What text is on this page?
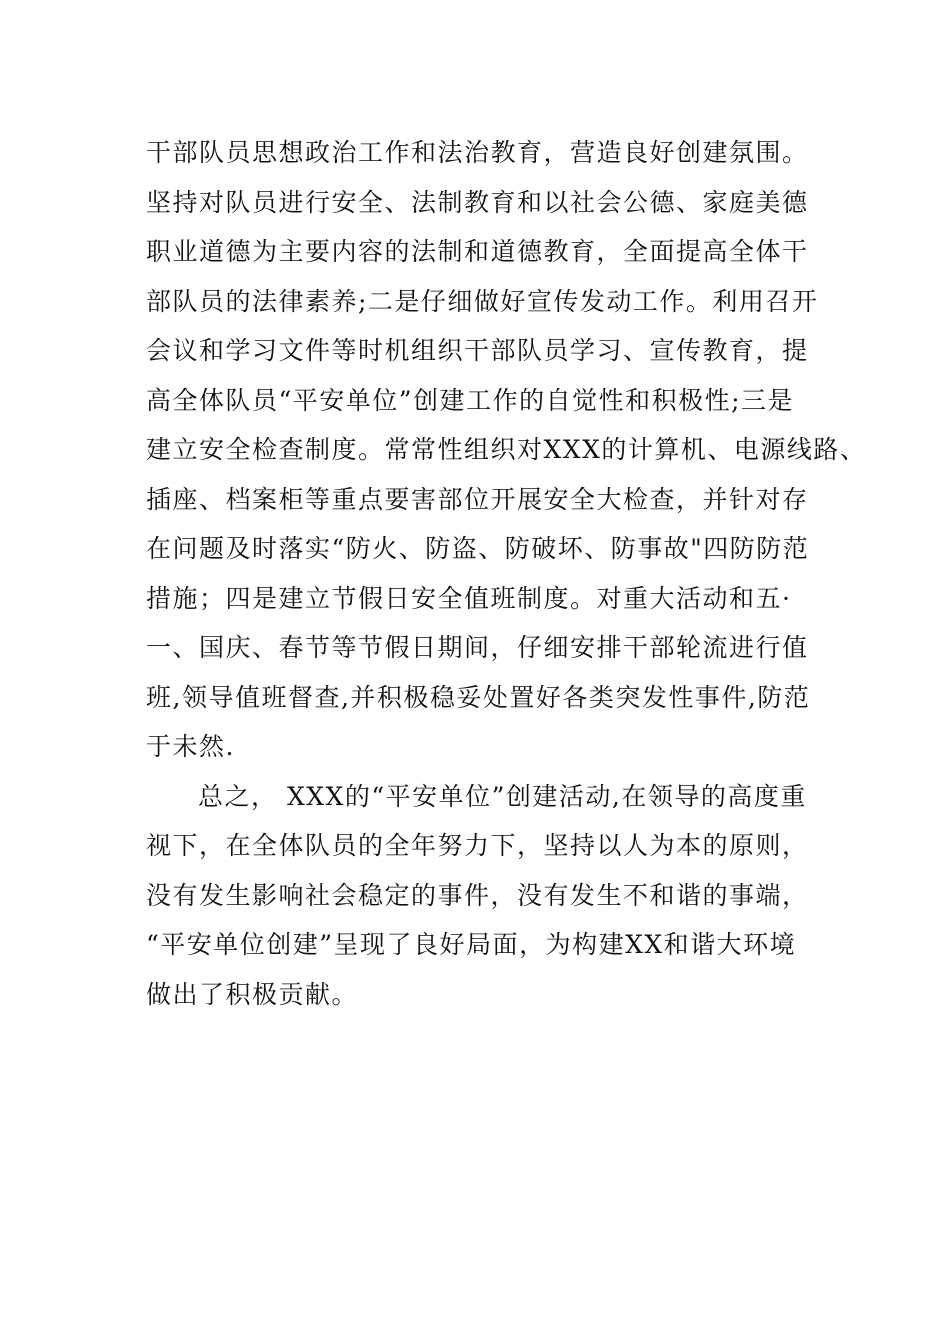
干部队员思想政治工作和法治教育，营造良好创建氛围。
坚持对队员进行安全、法制教育和以社会公德、家庭美德
职业道德为主要内容的法制和道德教育，全面提高全体干
部队员的法律素养;二是仔细做好宣传发动工作。利用召开
会议和学习文件等时机组织干部队员学习、宣传教育，提
高全体队员“平安单位”创建工作的自觉性和积极性;三是
建立安全检查制度。常常性组织对XXX的计算机、电源线路、
插座、档案柜等重点要害部位开展安全大检查，并针对存
在问题及时落实“防火、防盗、防破坏、防事故"四防防范
措施；四是建立节假日安全值班制度。对重大活动和五·
一、国庆、春节等节假日期间，仔细安排干部轮流进行值
班,领导值班督查,并积极稳妥处置好各类突发性事件,防范
于未然.
总之， XXX的“平安单位”创建活动,在领导的高度重
视下，在全体队员的全年努力下，坚持以人为本的原则，
没有发生影响社会稳定的事件，没有发生不和谐的事端，
“平安单位创建”呈现了良好局面，为构建XX和谐大环境
做出了积极贡献。
